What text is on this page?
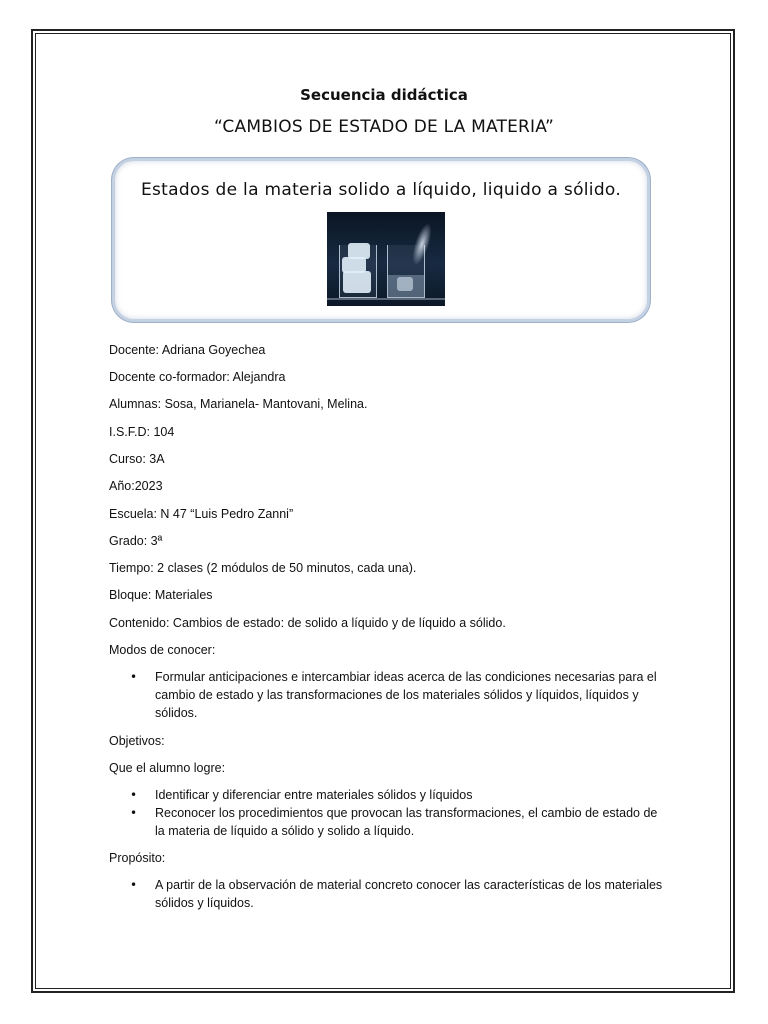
Secuencia didáctica
“CAMBIOS DE ESTADO DE LA MATERIA”
Estados de la materia solido a líquido, liquido a sólido.
Docente: Adriana Goyechea
Docente co-formador: Alejandra
Alumnas: Sosa, Marianela- Mantovani, Melina.
I.S.F.D: 104
Curso: 3A
Año:2023
Escuela: N 47 “Luis Pedro Zanni”
Grado: 3ª
Tiempo: 2 clases (2 módulos de 50 minutos, cada una).
Bloque: Materiales
Contenido: Cambios de estado: de solido a líquido y de líquido a sólido.
Modos de conocer:
• Formular anticipaciones e intercambiar ideas acerca de las condiciones necesarias para el cambio de estado y las transformaciones de los materiales sólidos y líquidos, líquidos y sólidos.
Objetivos:
Que el alumno logre:
• Identificar y diferenciar entre materiales sólidos y líquidos
• Reconocer los procedimientos que provocan las transformaciones, el cambio de estado de la materia de líquido a sólido y solido a líquido.
Propósito:
• A partir de la observación de material concreto conocer las características de los materiales sólidos y líquidos.
